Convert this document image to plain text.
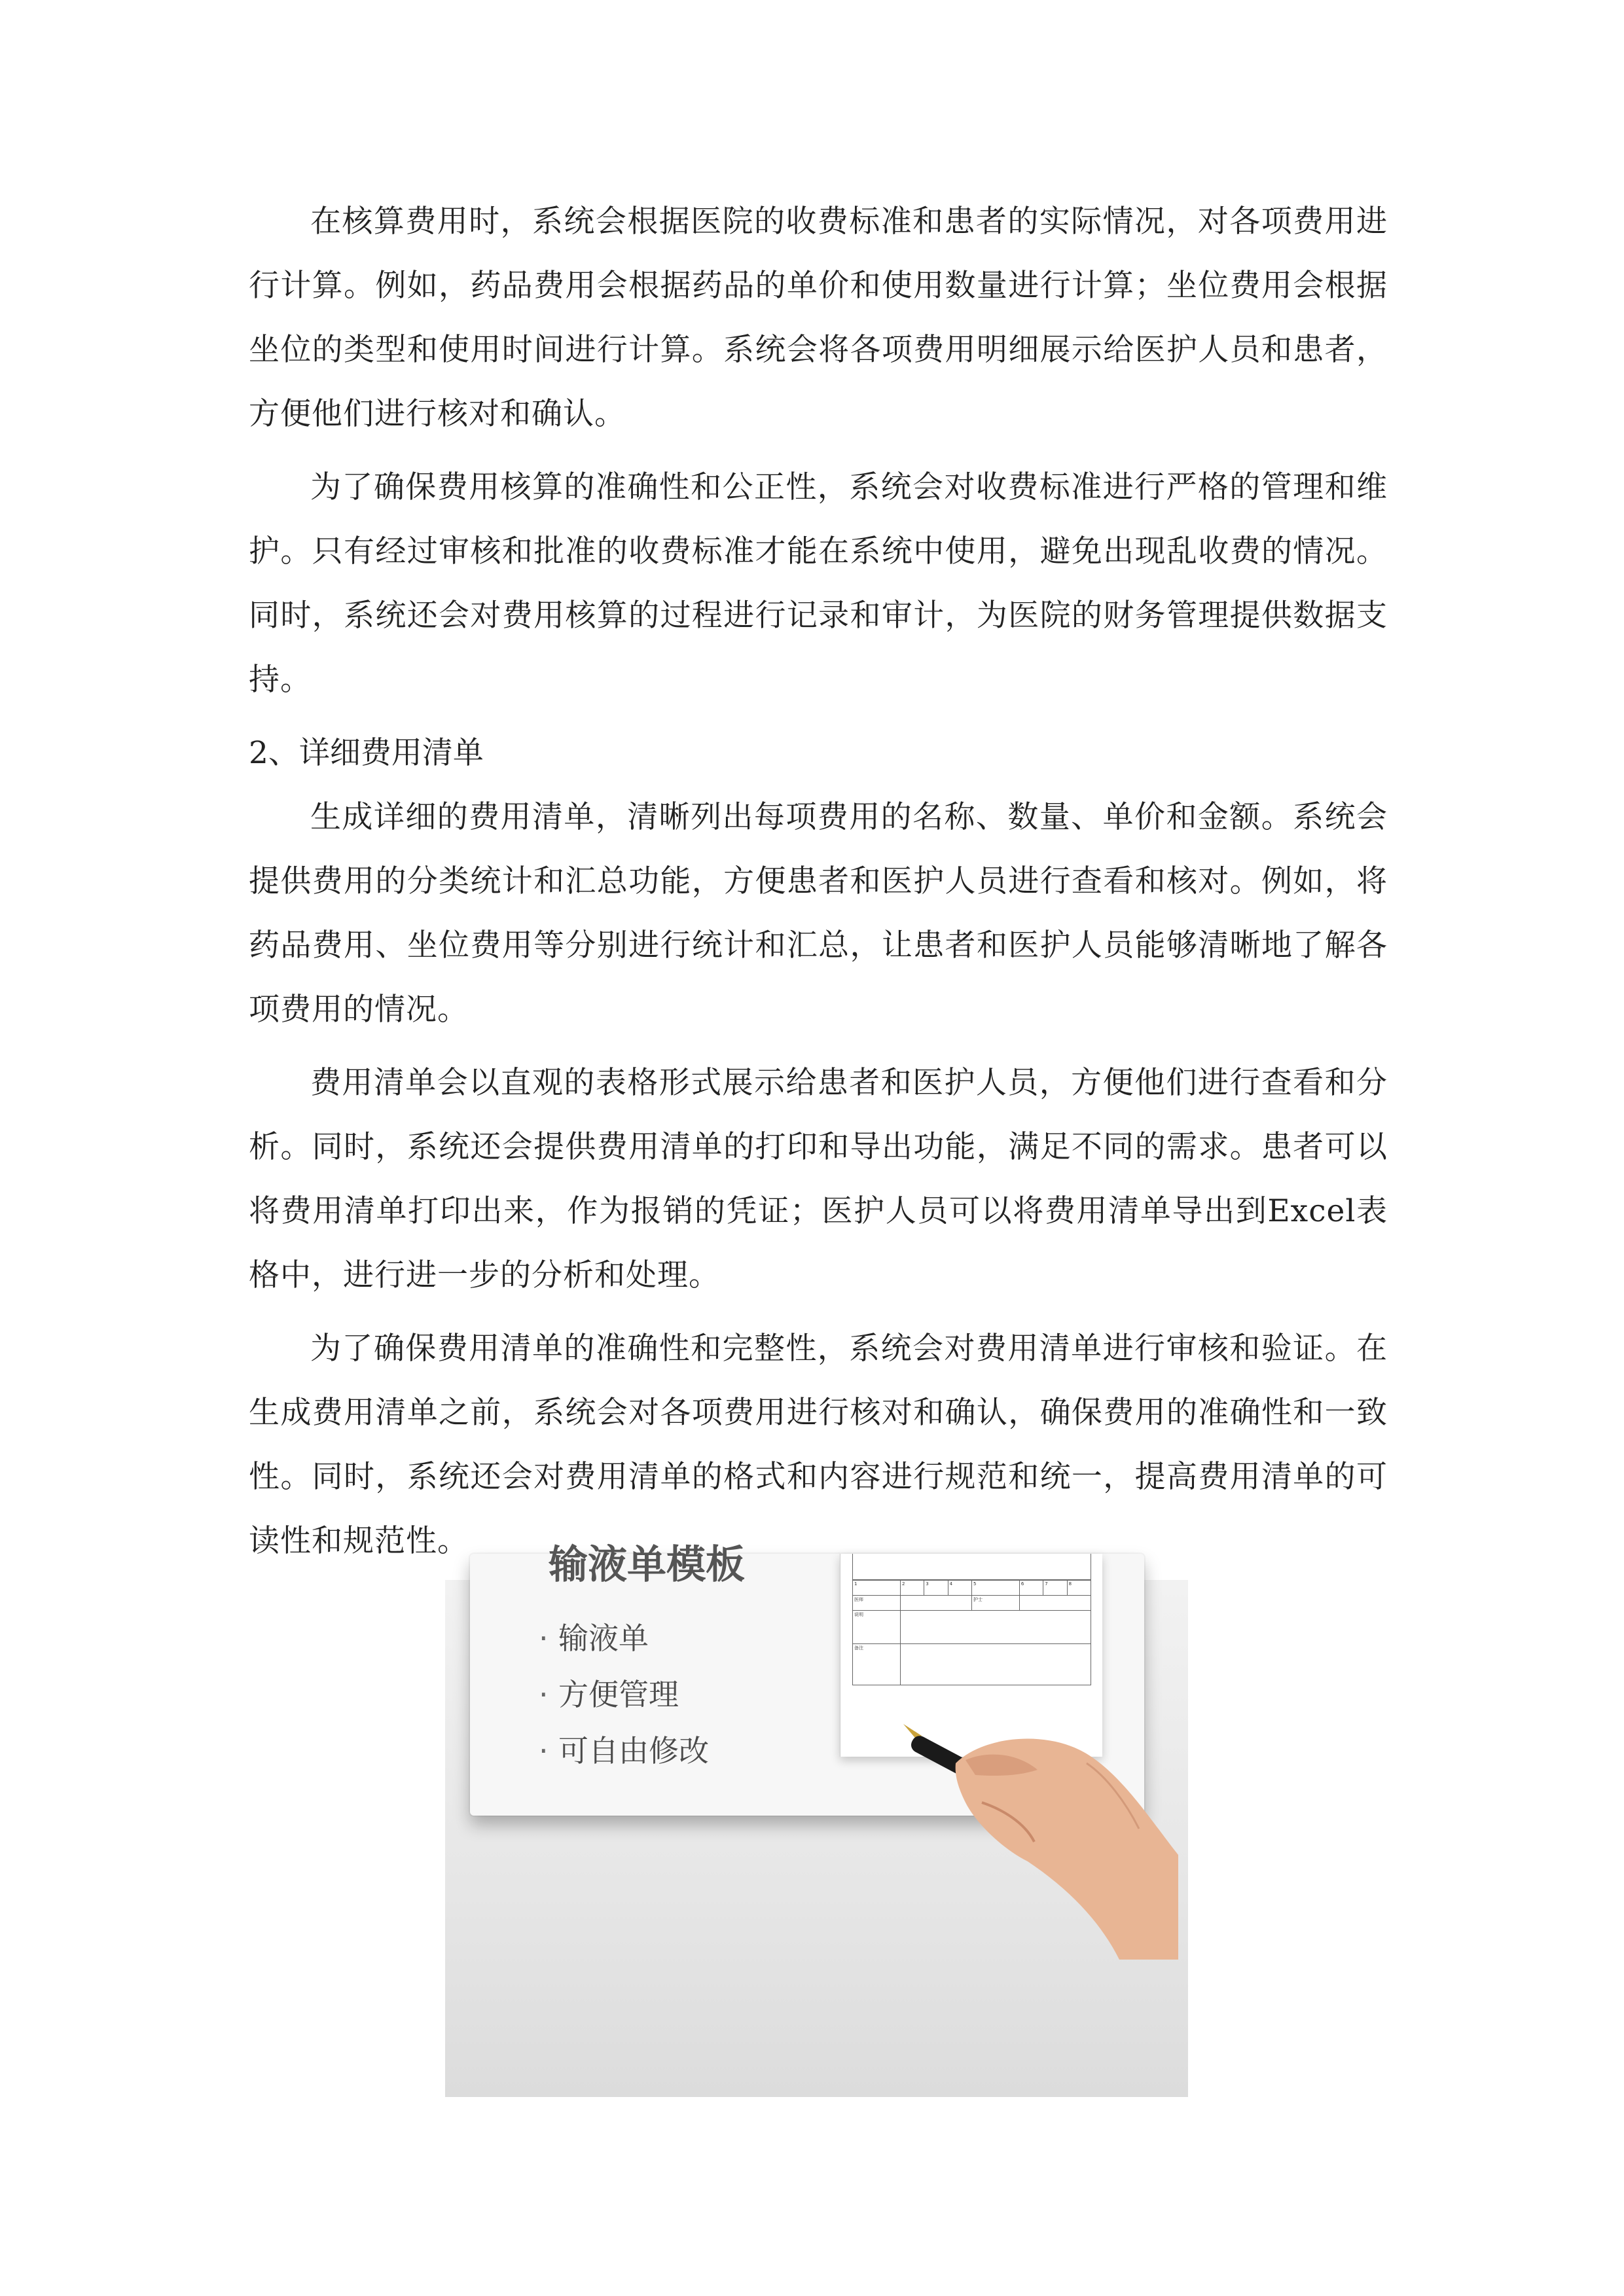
在核算费用时，系统会根据医院的收费标准和患者的实际情况，对各项费用进行计算。例如，药品费用会根据药品的单价和使用数量进行计算；坐位费用会根据坐位的类型和使用时间进行计算。系统会将各项费用明细展示给医护人员和患者，方便他们进行核对和确认。

为了确保费用核算的准确性和公正性，系统会对收费标准进行严格的管理和维护。只有经过审核和批准的收费标准才能在系统中使用，避免出现乱收费的情况。同时，系统还会对费用核算的过程进行记录和审计，为医院的财务管理提供数据支持。

2、详细费用清单

生成详细的费用清单，清晰列出每项费用的名称、数量、单价和金额。系统会提供费用的分类统计和汇总功能，方便患者和医护人员进行查看和核对。例如，将药品费用、坐位费用等分别进行统计和汇总，让患者和医护人员能够清晰地了解各项费用的情况。

费用清单会以直观的表格形式展示给患者和医护人员，方便他们进行查看和分析。同时，系统还会提供费用清单的打印和导出功能，满足不同的需求。患者可以将费用清单打印出来，作为报销的凭证；医护人员可以将费用清单导出到Excel表格中，进行进一步的分析和处理。

为了确保费用清单的准确性和完整性，系统会对费用清单进行审核和验证。在生成费用清单之前，系统会对各项费用进行核对和确认，确保费用的准确性和一致性。同时，系统还会对费用清单的格式和内容进行规范和统一，提高费用清单的可读性和规范性。

输液单模板
· 输液单
· 方便管理
· 可自由修改
1	2	3	4	5	6	7	8
医师				护士			
说明							
备注							
